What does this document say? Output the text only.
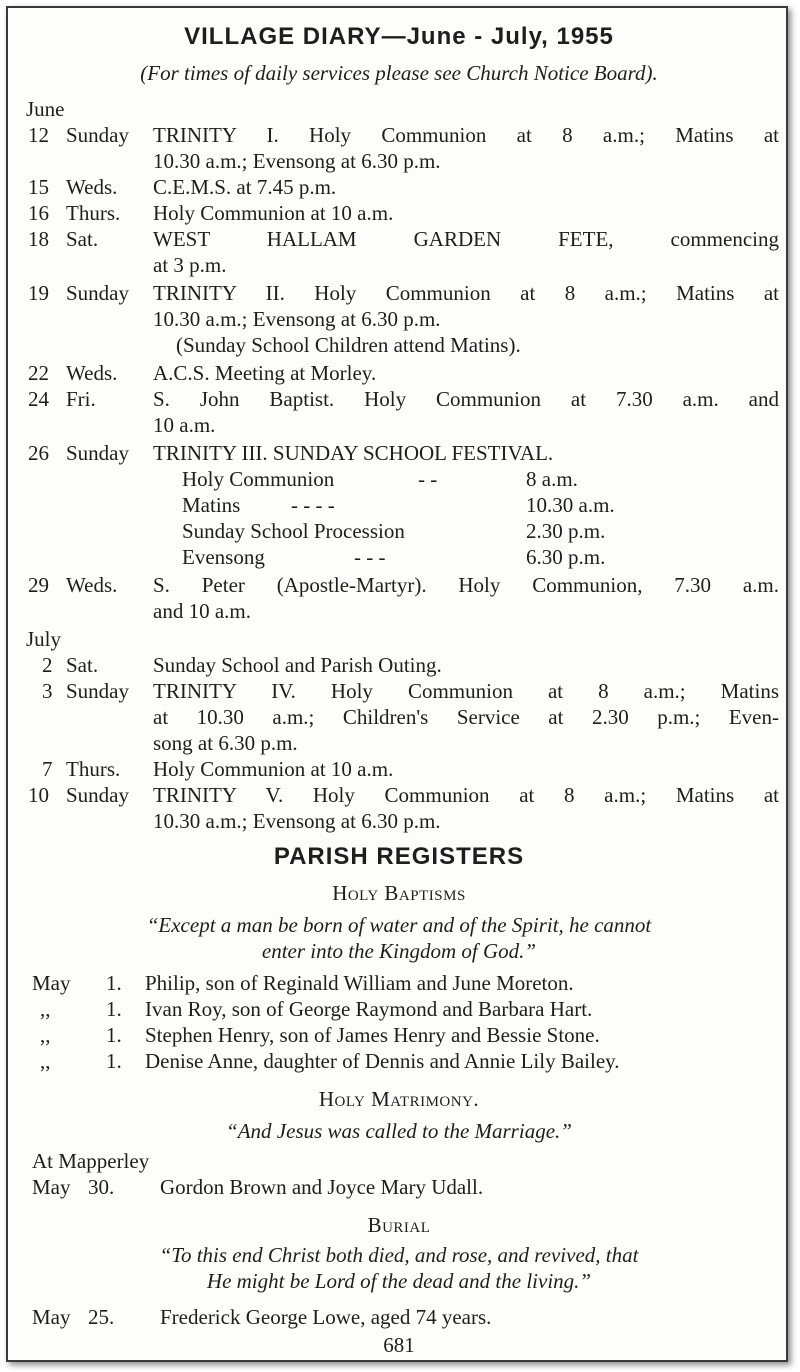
VILLAGE DIARY—June - July, 1955
(For times of daily services please see Church Notice Board).
June
12 Sunday TRINITY I. Holy Communion at 8 a.m.; Matins at
10.30 a.m.; Evensong at 6.30 p.m.
15 Weds. C.E.M.S. at 7.45 p.m.
16 Thurs. Holy Communion at 10 a.m.
18 Sat.	WEST HALLAM GARDEN FETE, commencing
at 3 p.m.
19 Sunday TRINITY II. Holy Communion at 8 a.m.; Matins at
10.30 a.m.; Evensong at 6.30 p.m.
(Sunday School Children attend Matins).
22 Weds. A.C.S. Meeting at Morley.
24 Fri.	S. John Baptist. Holy Communion at 7.30 a.m. and
10 a.m.
26 Sunday TRINITY III. SUNDAY SCHOOL FESTIVAL.
Holy Communion	- -	8 a.m.
Matins - - - -	10.30 a.m.
Sunday School Procession	2.30 p.m.
Evensong	- - -	6.30 p.m.
29 Weds. S. Peter (Apostle-Martyr). Holy Communion, 7.30 a.m.
and 10 a.m.
July
2 Sat.	Sunday School and Parish Outing.
3 Sunday TRINITY IV. Holy Communion at 8 a.m.; Matins
at 10.30 a.m.; Children's Service at 2.30 p.m.; Even-
song at 6.30 p.m.
7 Thurs. Holy Communion at 10 a.m.
10 Sunday TRINITY V. Holy Communion at 8 a.m.; Matins at
10.30 a.m.; Evensong at 6.30 p.m.
PARISH REGISTERS
Holy Baptisms
“Except a man be born of water and of the Spirit, he cannot
enter into the Kingdom of God.”
May 1. Philip, son of Reginald William and June Moreton.
,,	1. Ivan Roy, son of George Raymond and Barbara Hart.
,,	1. Stephen Henry, son of James Henry and Bessie Stone.
,,	1. Denise Anne, daughter of Dennis and Annie Lily Bailey.
Holy Matrimony.
“And Jesus was called to the Marriage.”
At Mapperley
May 30. Gordon Brown and Joyce Mary Udall.
Burial
“To this end Christ both died, and rose, and revived, that
He might be Lord of the dead and the living.”
May 25. Frederick George Lowe, aged 74 years.
681
